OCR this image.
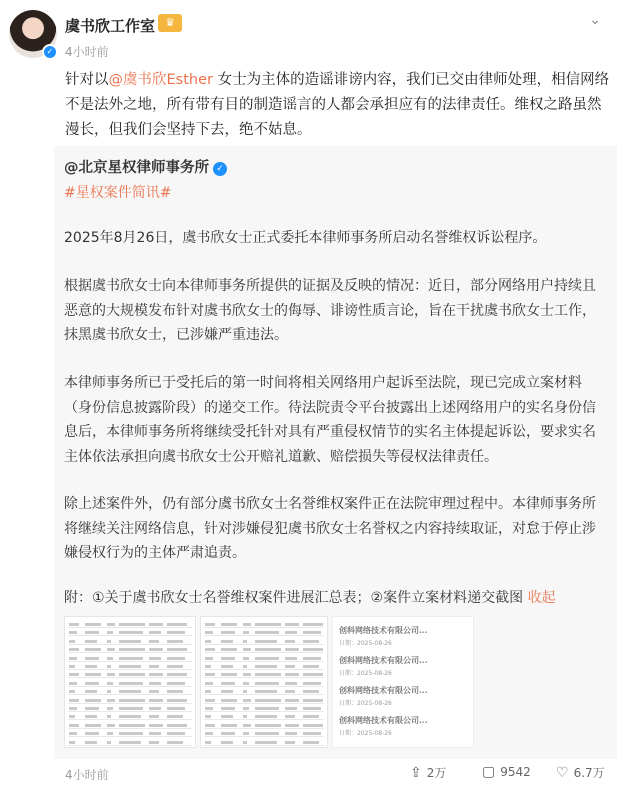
✓
虞书欣工作室 ♛
4小时前
⌄
针对以@虞书欣Esther 女士为主体的造谣诽谤内容，我们已交由律师处理，相信网络不是法外之地，所有带有目的制造谣言的人都会承担应有的法律责任。维权之路虽然漫长，但我们会坚持下去，绝不姑息。
@北京星权律师事务所 ✓
#星权案件简讯#
2025年8月26日，虞书欣女士正式委托本律师事务所启动名誉维权诉讼程序。
根据虞书欣女士向本律师事务所提供的证据及反映的情况：近日，部分网络用户持续且恶意的大规模发布针对虞书欣女士的侮辱、诽谤性质言论，旨在干扰虞书欣女士工作，抹黑虞书欣女士，已涉嫌严重违法。
本律师事务所已于受托后的第一时间将相关网络用户起诉至法院，现已完成立案材料（身份信息披露阶段）的递交工作。待法院责令平台披露出上述网络用户的实名身份信息后，本律师事务所将继续受托针对具有严重侵权情节的实名主体提起诉讼，要求实名主体依法承担向虞书欣女士公开赔礼道歉、赔偿损失等侵权法律责任。
除上述案件外，仍有部分虞书欣女士名誉维权案件正在法院审理过程中。本律师事务所将继续关注网络信息，针对涉嫌侵犯虞书欣女士名誉权之内容持续取证，对怠于停止涉嫌侵权行为的主体严肃追责。
附：①关于虞书欣女士名誉维权案件进展汇总表；②案件立案材料递交截图 收起
创科网络技术有限公司...
日期：2025-08-26
创科网络技术有限公司...
日期：2025-08-26
创科网络技术有限公司...
日期：2025-08-26
创科网络技术有限公司...
日期：2025-08-26
4小时前	⇪ 2万	▢ 9542 ♡ 6.7万
